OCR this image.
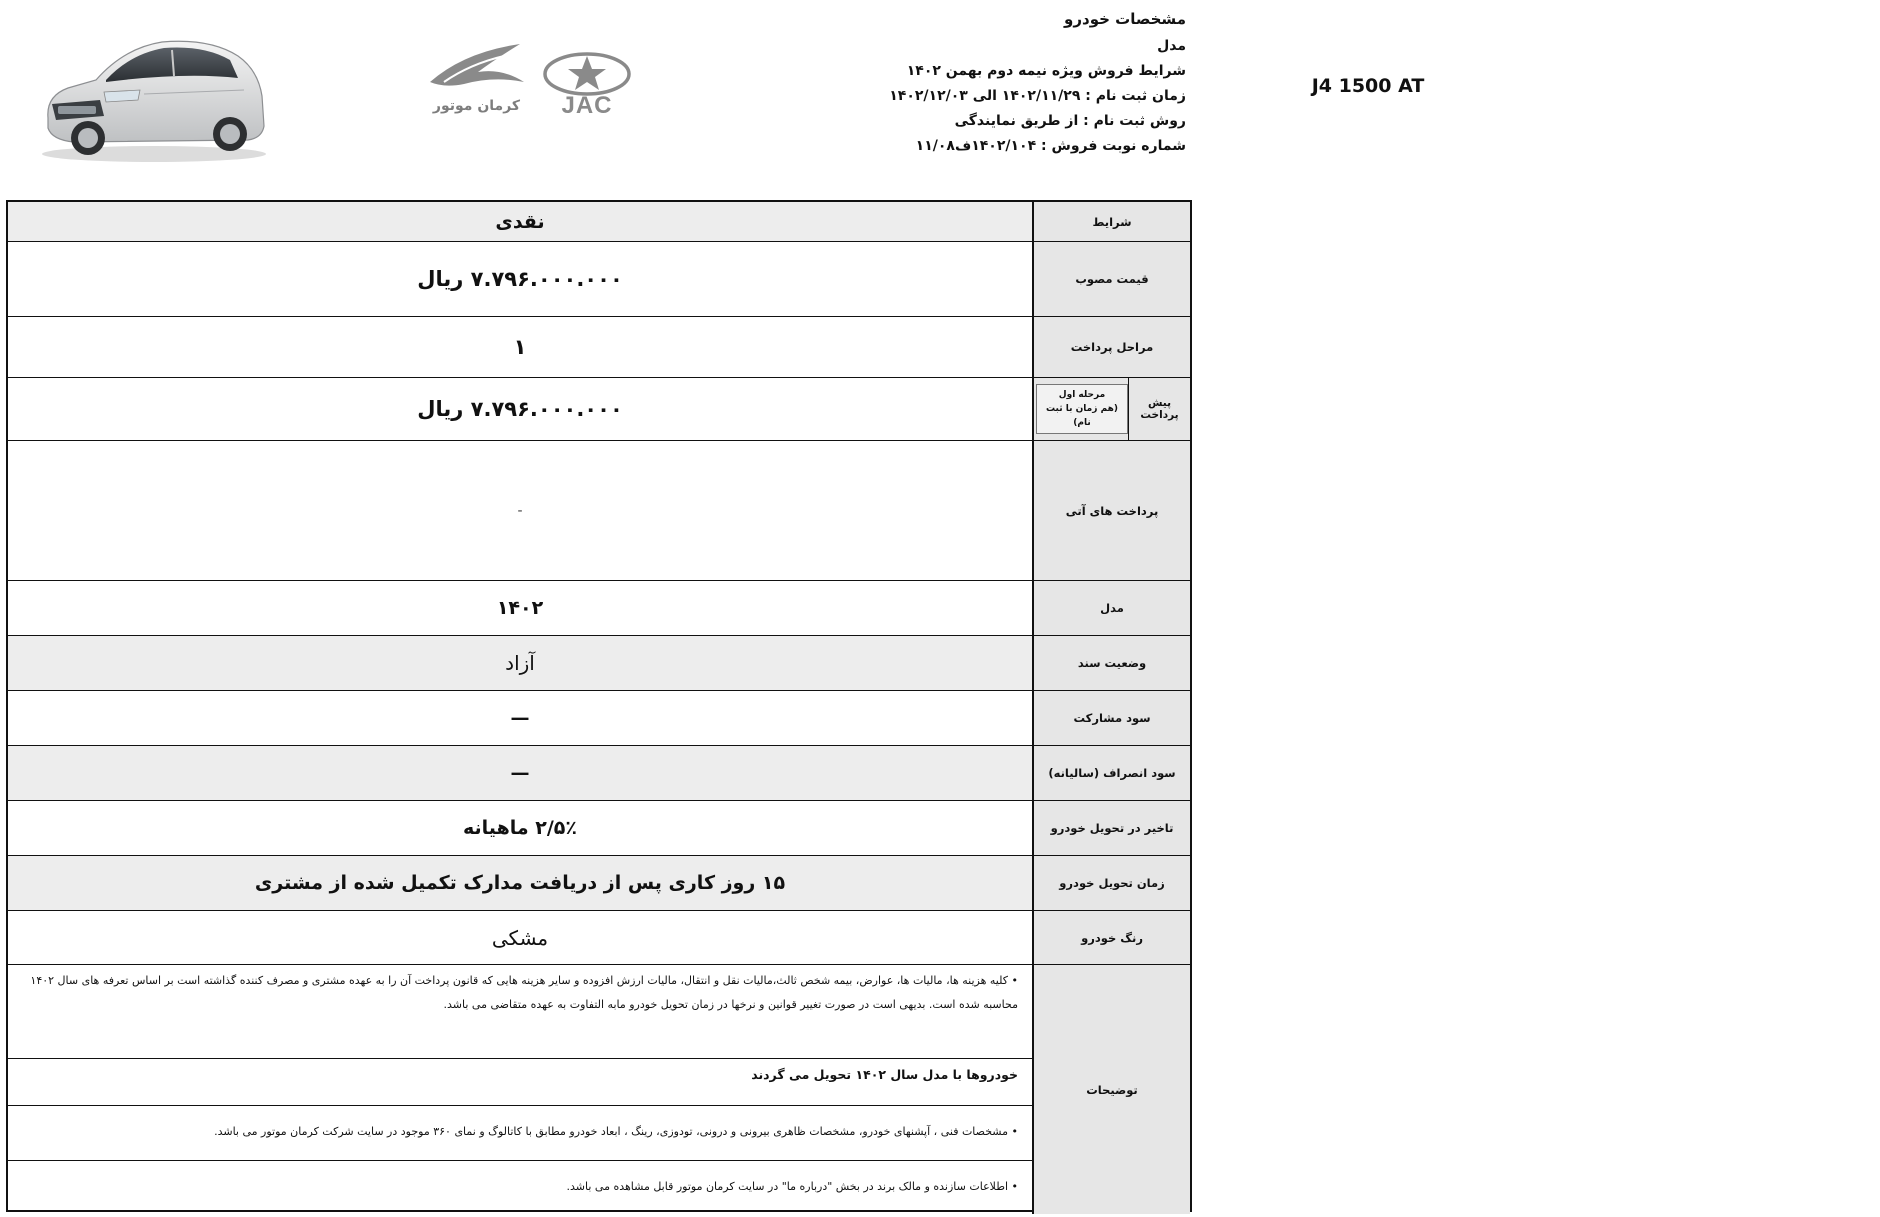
مشخصات خودرو
مدل
J4 1500 AT
شرایط فروش ویژه نیمه دوم بهمن ۱۴۰۲
زمان ثبت نام : ۱۴۰۲/۱۱/۲۹ الی ۱۴۰۲/۱۲/۰۳
روش ثبت نام : از طریق نمایندگی
شماره نوبت فروش : ۱۴۰۲/۱۰۴ف۱۱/۰۸
کرمان موتور	JAC
شرایط
نقدی
قیمت مصوب
۷.۷۹۶.۰۰۰.۰۰۰ ریال
مراحل پرداخت
۱
پیش پرداخت
مرحله اول
(هم زمان با ثبت نام)
۷.۷۹۶.۰۰۰.۰۰۰ ریال
پرداخت های آتی
-
مدل
۱۴۰۲
وضعیت سند
آزاد
سود مشارکت
—
سود انصراف (سالیانه)
—
تاخیر در تحویل خودرو
۲/۵٪ ماهیانه
زمان تحویل خودرو
۱۵ روز کاری پس از دریافت مدارک تکمیل شده از مشتری
رنگ خودرو
مشکی
توضیحات
• کلیه هزینه ها، مالیات ها، عوارض، بیمه شخص ثالث،مالیات نقل و انتقال، مالیات ارزش افزوده و سایر هزینه هایی که قانون پرداخت آن را به عهده مشتری و مصرف کننده گذاشته است بر اساس تعرفه های سال ۱۴۰۲ محاسبه شده است. بدیهی است در صورت تغییر قوانین و نرخها در زمان تحویل خودرو مابه التفاوت به عهده متقاضی می باشد.
خودروها با مدل سال ۱۴۰۲ تحویل می گردند
• مشخصات فنی ، آپشنهای خودرو، مشخصات ظاهری بیرونی و درونی، تودوزی، رینگ ، ابعاد خودرو مطابق با کاتالوگ و نمای ۳۶۰ موجود در سایت شرکت کرمان موتور می باشد.
• اطلاعات سازنده و مالک برند در بخش "درباره ما" در سایت کرمان موتور قابل مشاهده می باشد.
